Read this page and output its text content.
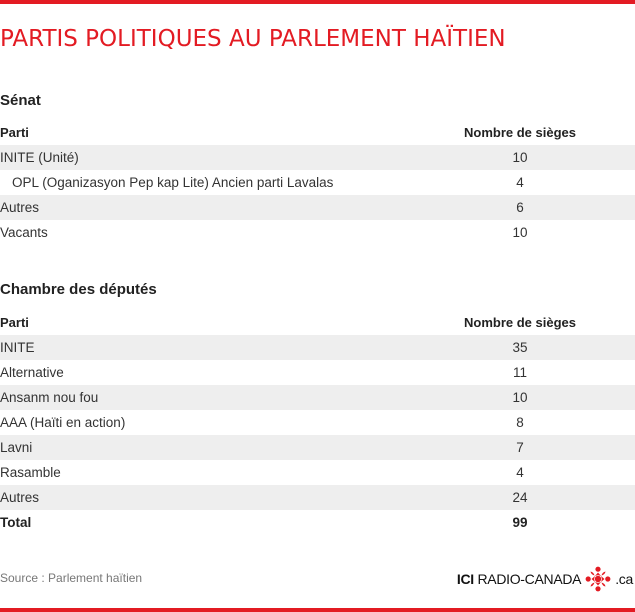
PARTIS POLITIQUES AU PARLEMENT HAÏTIEN
Sénat
Parti	Nombre de sièges
INITE (Unité)	10
OPL (Oganizasyon Pep kap Lite) Ancien parti Lavalas	4
Autres	6
Vacants	10
Chambre des députés
Parti	Nombre de sièges
INITE	35
Alternative	11
Ansanm nou fou	10
AAA (Haïti en action)	8
Lavni	7
Rasamble	4
Autres	24
Total	99
Source : Parlement haïtien	ICI RADIO-CANADA .ca
